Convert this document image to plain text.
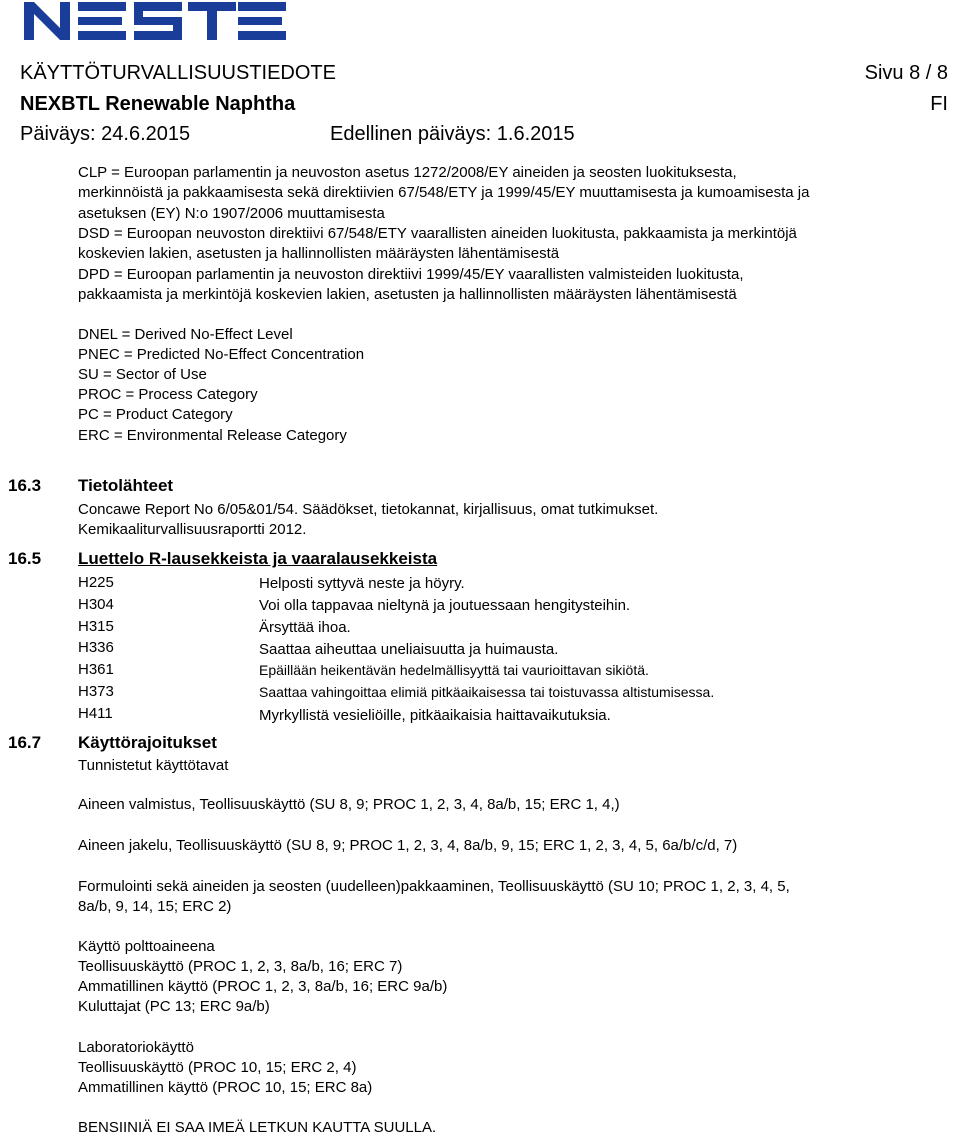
KÄYTTÖTURVALLISUUSTIEDOTE	Sivu 8 / 8
NEXBTL Renewable Naphtha	FI
Päiväys: 24.6.2015	Edellinen päiväys: 1.6.2015
CLP = Euroopan parlamentin ja neuvoston asetus 1272/2008/EY aineiden ja seosten luokituksesta,
merkinnöistä ja pakkaamisesta sekä direktiivien 67/548/ETY ja 1999/45/EY muuttamisesta ja kumoamisesta ja
asetuksen (EY) N:o 1907/2006 muuttamisesta
DSD = Euroopan neuvoston direktiivi 67/548/ETY vaarallisten aineiden luokitusta, pakkaamista ja merkintöjä
koskevien lakien, asetusten ja hallinnollisten määräysten lähentämisestä
DPD = Euroopan parlamentin ja neuvoston direktiivi 1999/45/EY vaarallisten valmisteiden luokitusta,
pakkaamista ja merkintöjä koskevien lakien, asetusten ja hallinnollisten määräysten lähentämisestä
DNEL = Derived No-Effect Level
PNEC = Predicted No-Effect Concentration
SU = Sector of Use
PROC = Process Category
PC = Product Category
ERC = Environmental Release Category
16.3 Tietolähteet
Concawe Report No 6/05&01/54. Säädökset, tietokannat, kirjallisuus, omat tutkimukset.
Kemikaaliturvallisuusraportti 2012.
16.5 Luettelo R-lausekkeista ja vaaralausekkeista
H225	Helposti syttyvä neste ja höyry.
H304	Voi olla tappavaa nieltynä ja joutuessaan hengitysteihin.
H315	Ärsyttää ihoa.
H336	Saattaa aiheuttaa uneliaisuutta ja huimausta.
H361	Epäillään heikentävän hedelmällisyyttä tai vaurioittavan sikiötä.
H373	Saattaa vahingoittaa elimiä pitkäaikaisessa tai toistuvassa altistumisessa.
H411	Myrkyllistä vesieliöille, pitkäaikaisia haittavaikutuksia.
16.7 Käyttörajoitukset
Tunnistetut käyttötavat
Aineen valmistus, Teollisuuskäyttö (SU 8, 9; PROC 1, 2, 3, 4, 8a/b, 15; ERC 1, 4,)
Aineen jakelu, Teollisuuskäyttö (SU 8, 9; PROC 1, 2, 3, 4, 8a/b, 9, 15; ERC 1, 2, 3, 4, 5, 6a/b/c/d, 7)
Formulointi sekä aineiden ja seosten (uudelleen)pakkaaminen, Teollisuuskäyttö (SU 10; PROC 1, 2, 3, 4, 5,
8a/b, 9, 14, 15; ERC 2)
Käyttö polttoaineena
Teollisuuskäyttö (PROC 1, 2, 3, 8a/b, 16; ERC 7)
Ammatillinen käyttö (PROC 1, 2, 3, 8a/b, 16; ERC 9a/b)
Kuluttajat (PC 13; ERC 9a/b)
Laboratoriokäyttö
Teollisuuskäyttö (PROC 10, 15; ERC 2, 4)
Ammatillinen käyttö (PROC 10, 15; ERC 8a)
BENSIINIÄ EI SAA IMEÄ LETKUN KAUTTA SUULLA.
